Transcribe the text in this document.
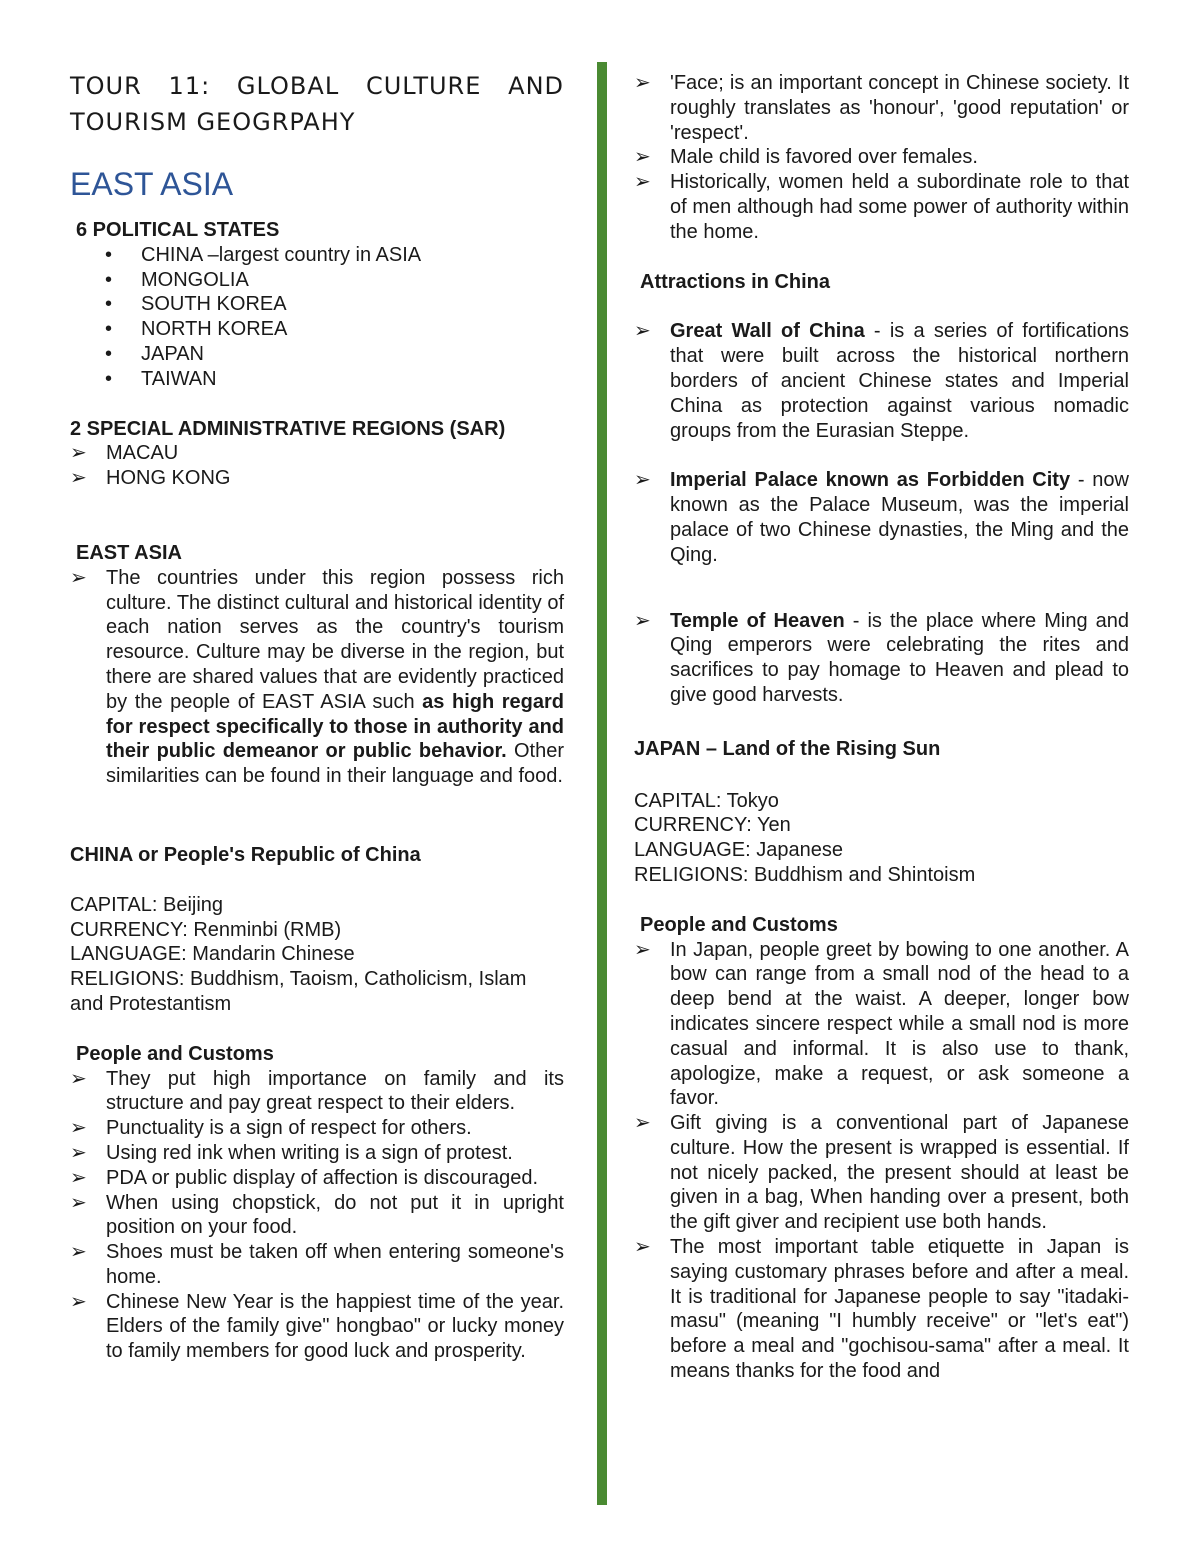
TOUR 11: GLOBAL CULTURE AND
TOURISM GEOGRPAHY
EAST ASIA
6 POLITICAL STATES
• CHINA –largest country in ASIA
• MONGOLIA
• SOUTH KOREA
• NORTH KOREA
• JAPAN
• TAIWAN
2 SPECIAL ADMINISTRATIVE REGIONS (SAR)
➢ MACAU
➢ HONG KONG
EAST ASIA
➢ The countries under this region possess rich culture. The distinct cultural and historical identity of each nation serves as the country's tourism resource. Culture may be diverse in the region, but there are shared values that are evidently practiced by the people of EAST ASIA such as high regard for respect specifically to those in authority and their public demeanor or public behavior. Other similarities can be found in their language and food.
CHINA or People's Republic of China
CAPITAL: Beijing
CURRENCY: Renminbi (RMB)
LANGUAGE: Mandarin Chinese
RELIGIONS: Buddhism, Taoism, Catholicism, Islam and Protestantism
People and Customs
➢ They put high importance on family and its structure and pay great respect to their elders.
➢ Punctuality is a sign of respect for others.
➢ Using red ink when writing is a sign of protest.
➢ PDA or public display of affection is discouraged.
➢ When using chopstick, do not put it in upright position on your food.
➢ Shoes must be taken off when entering someone's home.
➢ Chinese New Year is the happiest time of the year. Elders of the family give" hongbao" or lucky money to family members for good luck and prosperity.
➢ 'Face; is an important concept in Chinese society. It roughly translates as 'honour', 'good reputation' or 'respect'.
➢ Male child is favored over females.
➢ Historically, women held a subordinate role to that of men although had some power of authority within the home.
Attractions in China
➢ Great Wall of China - is a series of fortifications that were built across the historical northern borders of ancient Chinese states and Imperial China as protection against various nomadic groups from the Eurasian Steppe.
➢ Imperial Palace known as Forbidden City - now known as the Palace Museum, was the imperial palace of two Chinese dynasties, the Ming and the Qing.
➢ Temple of Heaven - is the place where Ming and Qing emperors were celebrating the rites and sacrifices to pay homage to Heaven and plead to give good harvests.
JAPAN – Land of the Rising Sun
CAPITAL: Tokyo
CURRENCY: Yen
LANGUAGE: Japanese
RELIGIONS: Buddhism and Shintoism
People and Customs
➢ In Japan, people greet by bowing to one another. A bow can range from a small nod of the head to a deep bend at the waist. A deeper, longer bow indicates sincere respect while a small nod is more casual and informal. It is also use to thank, apologize, make a request, or ask someone a favor.
➢ Gift giving is a conventional part of Japanese culture. How the present is wrapped is essential. If not nicely packed, the present should at least be given in a bag, When handing over a present, both the gift giver and recipient use both hands.
➢ The most important table etiquette in Japan is saying customary phrases before and after a meal. It is traditional for Japanese people to say "itadaki-masu" (meaning "I humbly receive" or "let's eat") before a meal and "gochisou-sama" after a meal. It means thanks for the food and
